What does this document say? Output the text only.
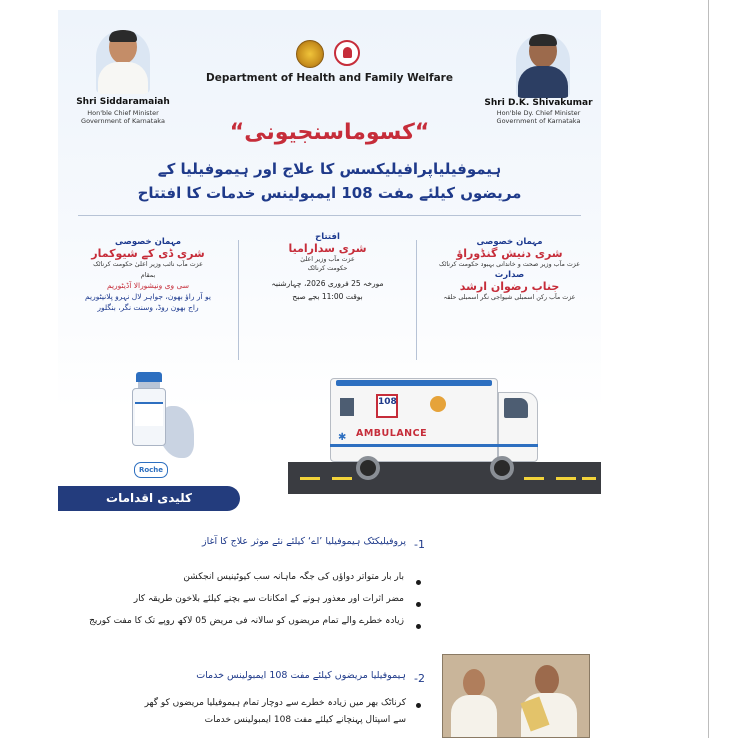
Shri Siddaramaiah
Hon'ble Chief Minister
Government of Karnataka
Department of Health and Family Welfare
Shri D.K. Shivakumar
Hon'ble Dy. Chief Minister
Government of Karnataka
“کسوماسنجیونی“
ہیموفیلیاپرافیلیکسس کا علاج اور ہیموفیلیا کے
مریضوں کیلئے مفت 108 ایمبولینس خدمات کا افتتاح
مہمان خصوصی
شری دنیش گنڈوراؤ
عزت مآب وزیر صحت و خاندانی بہبود حکومت کرناٹک
صدارت
جناب رضوان ارشد
عزت مآب رکن اسمبلی شیواجی نگر اسمبلی حلقہ
افتتاح
شری سدارامیا
عزت مآب وزیر اعلیٰ
حکومت کرناٹک
مورخہ 25 فروری 2026، چہارشنبہ
بوقت 11:00 بجے صبح
مہمان خصوصی
شری ڈی کے شیوکمار
عزت مآب نائب وزیر اعلیٰ حکومت کرناٹک
بمقام
سی وی ونیشورالا آڈیٹوریم
یو آر راؤ بھون، جواہر لال نہرو پلانیٹوریم
راج بھون روڈ، وسنت نگر، بنگلور
Roche
108
AMBULANCE
✱
کلیدی اقدامات
-1
پروفیلیکٹک ہیموفیلیا ’اے‘ کیلئے نئے موثر علاج کا آغاز
بار بار متواتر دواؤں کی جگہ ماہانہ سب کیوٹینیس انجکشن
مضر اثرات اور معذور ہونے کے امکانات سے بچنے کیلئے بلاخون طریقہ کار
زیادہ خطرے والے تمام مریضوں کو سالانہ فی مریض 05 لاکھ روپے تک کا مفت کوریج
-2
ہیموفیلیا مریضوں کیلئے مفت 108 ایمبولینس خدمات
کرناٹک بھر میں زیادہ خطرے سے دوچار تمام ہیموفیلیا مریضوں کو گھر سے اسپتال پہنچانے کیلئے مفت 108 ایمبولینس خدمات
